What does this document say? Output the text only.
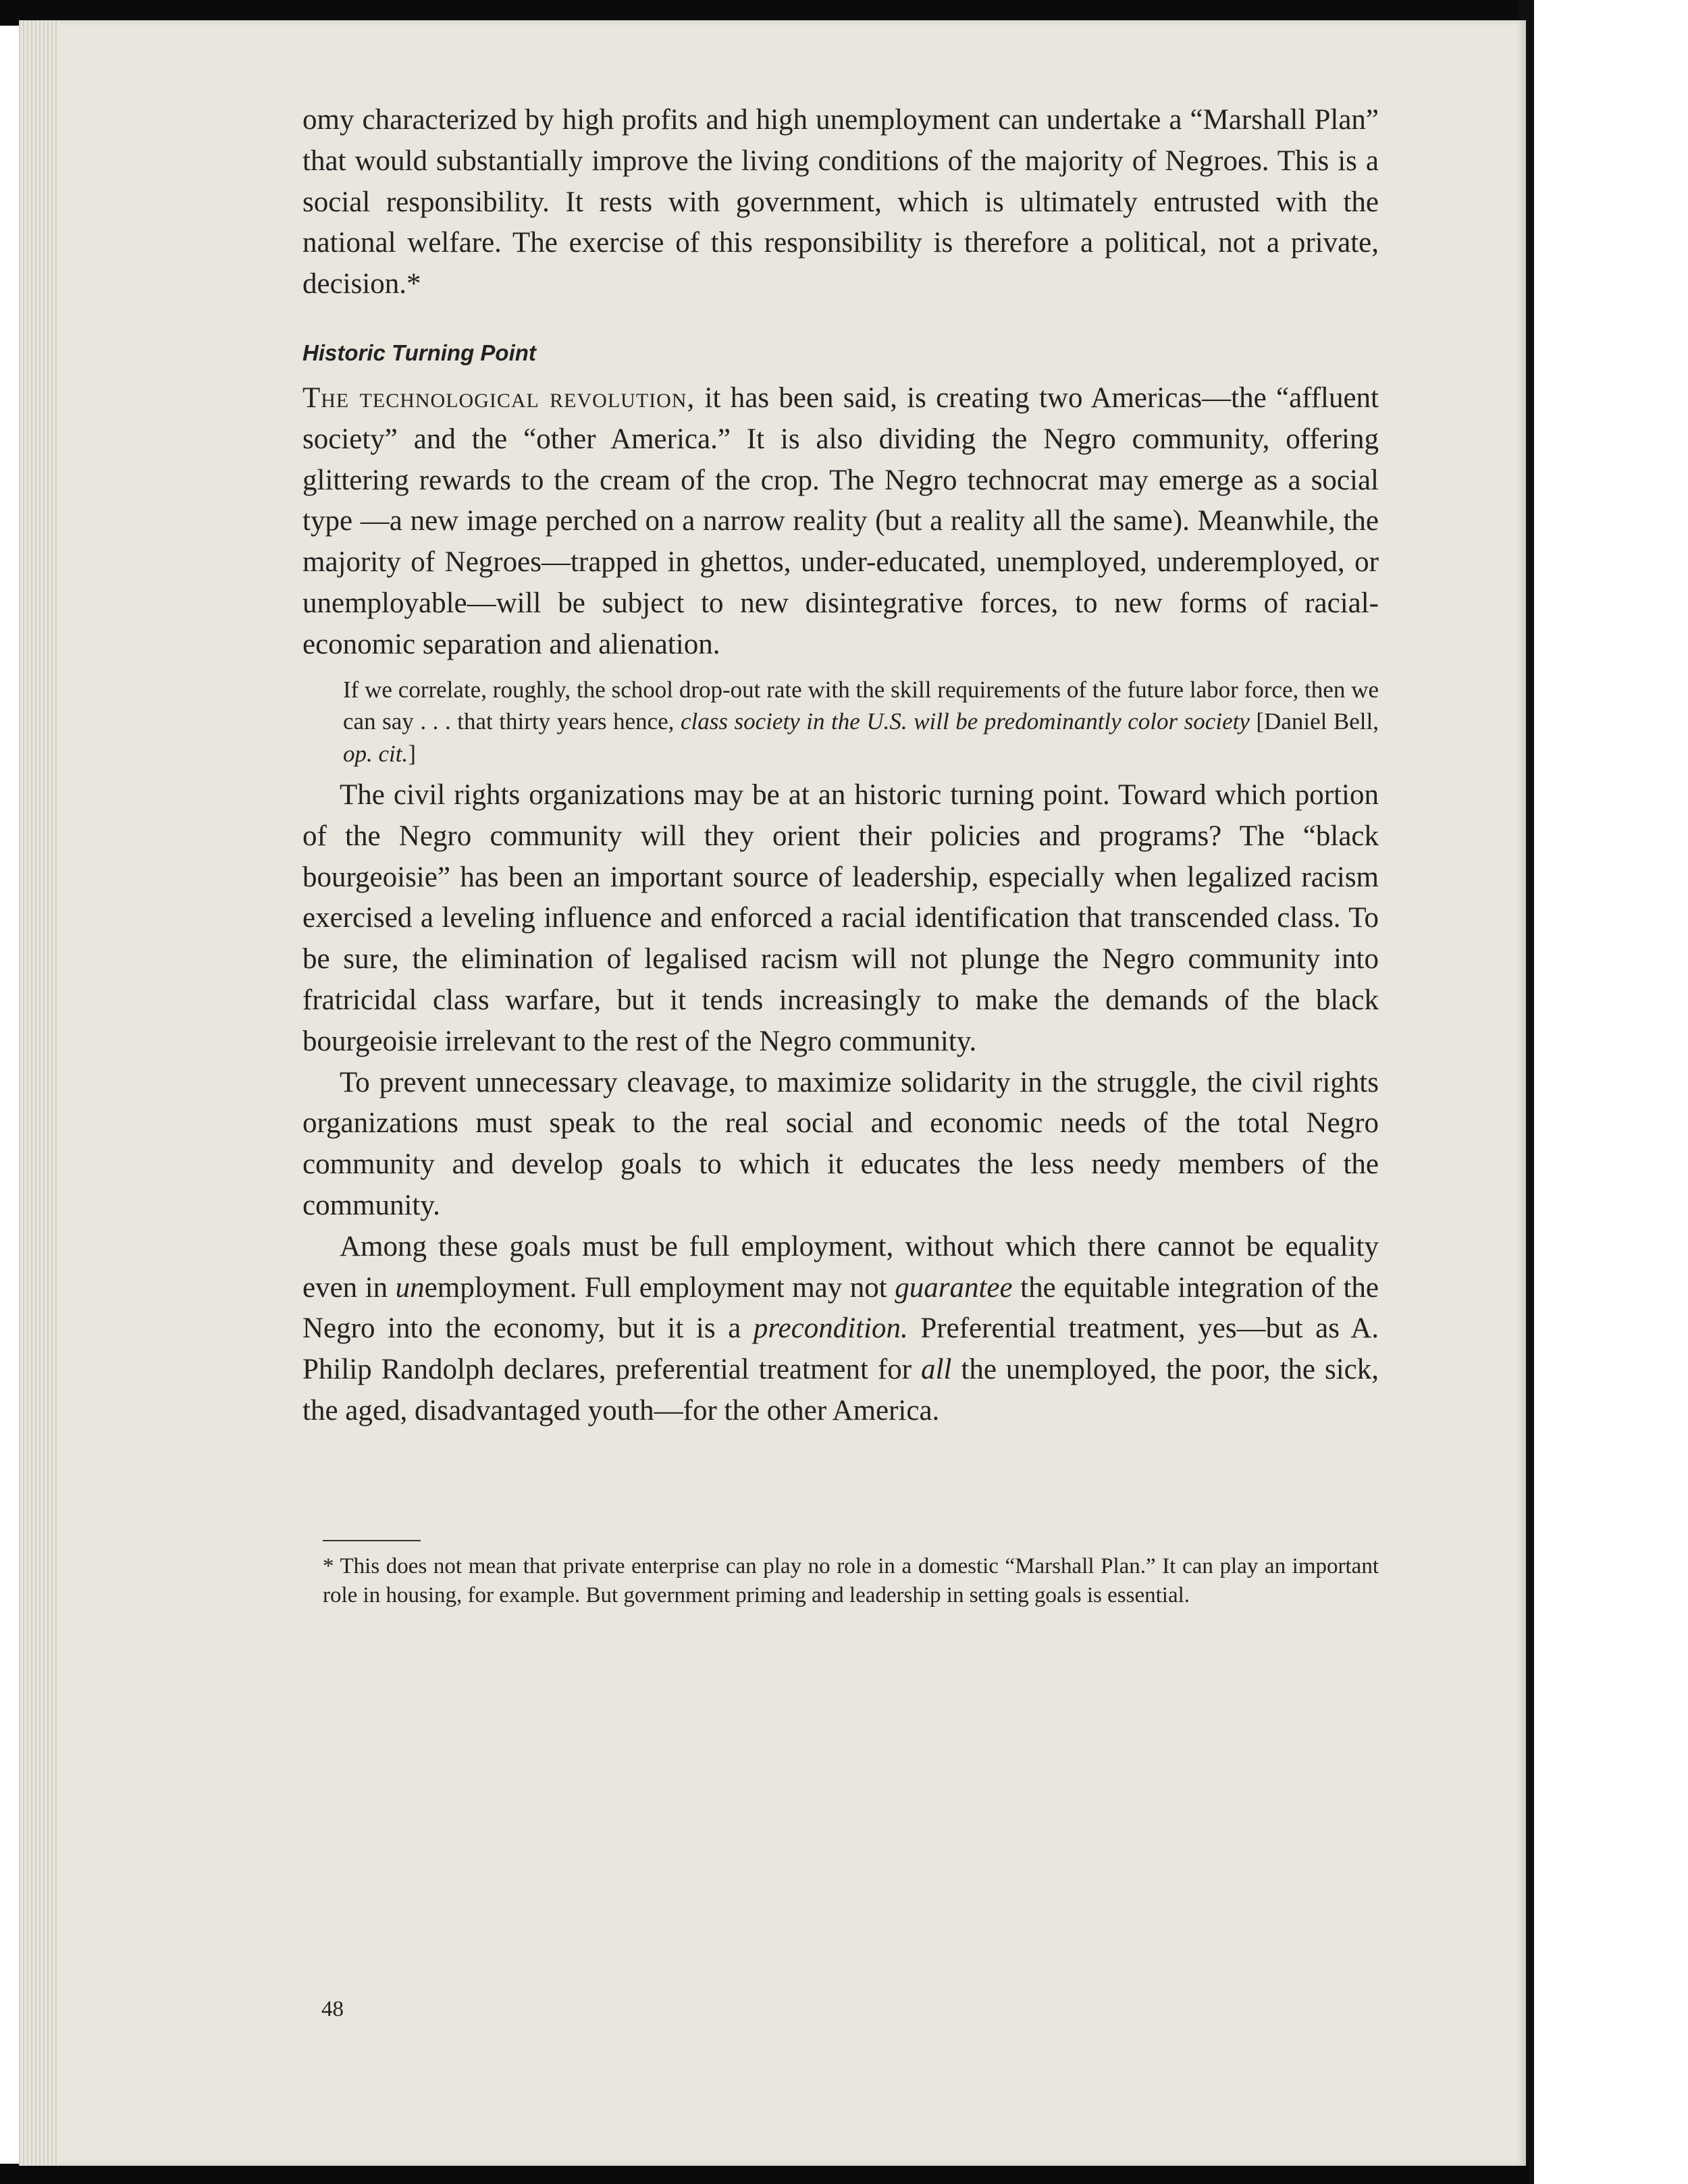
omy characterized by high profits and high unemployment can undertake a “Marshall Plan” that would substantially improve the living conditions of the majority of Negroes. This is a social responsibility. It rests with government, which is ultimately entrusted with the national welfare. The exercise of this responsibility is therefore a political, not a private, decision.*

Historic Turning Point

The technological revolution, it has been said, is creating two Americas—the “affluent society” and the “other America.” It is also dividing the Negro community, offering glittering rewards to the cream of the crop. The Negro technocrat may emerge as a social type —a new image perched on a narrow reality (but a reality all the same). Meanwhile, the majority of Negroes—trapped in ghettos, under-educated, unemployed, underemployed, or unemployable—will be subject to new disintegrative forces, to new forms of racial-economic separation and alienation.

If we correlate, roughly, the school drop-out rate with the skill requirements of the future labor force, then we can say . . . that thirty years hence, class society in the U.S. will be predominantly color society [Daniel Bell, op. cit.]

The civil rights organizations may be at an historic turning point. Toward which portion of the Negro community will they orient their policies and programs? The “black bourgeoisie” has been an important source of leadership, especially when legalized racism exercised a leveling influence and enforced a racial identification that transcended class. To be sure, the elimination of legalised racism will not plunge the Negro community into fratricidal class warfare, but it tends increasingly to make the demands of the black bourgeoisie irrelevant to the rest of the Negro community.

To prevent unnecessary cleavage, to maximize solidarity in the struggle, the civil rights organizations must speak to the real social and economic needs of the total Negro community and develop goals to which it educates the less needy members of the community.

Among these goals must be full employment, without which there cannot be equality even in unemployment. Full employment may not guarantee the equitable integration of the Negro into the economy, but it is a precondition. Preferential treatment, yes—but as A. Philip Randolph declares, preferential treatment for all the unemployed, the poor, the sick, the aged, disadvantaged youth—for the other America.

* This does not mean that private enterprise can play no role in a domestic “Marshall Plan.” It can play an important role in housing, for example. But government priming and leadership in setting goals is essential.

48
